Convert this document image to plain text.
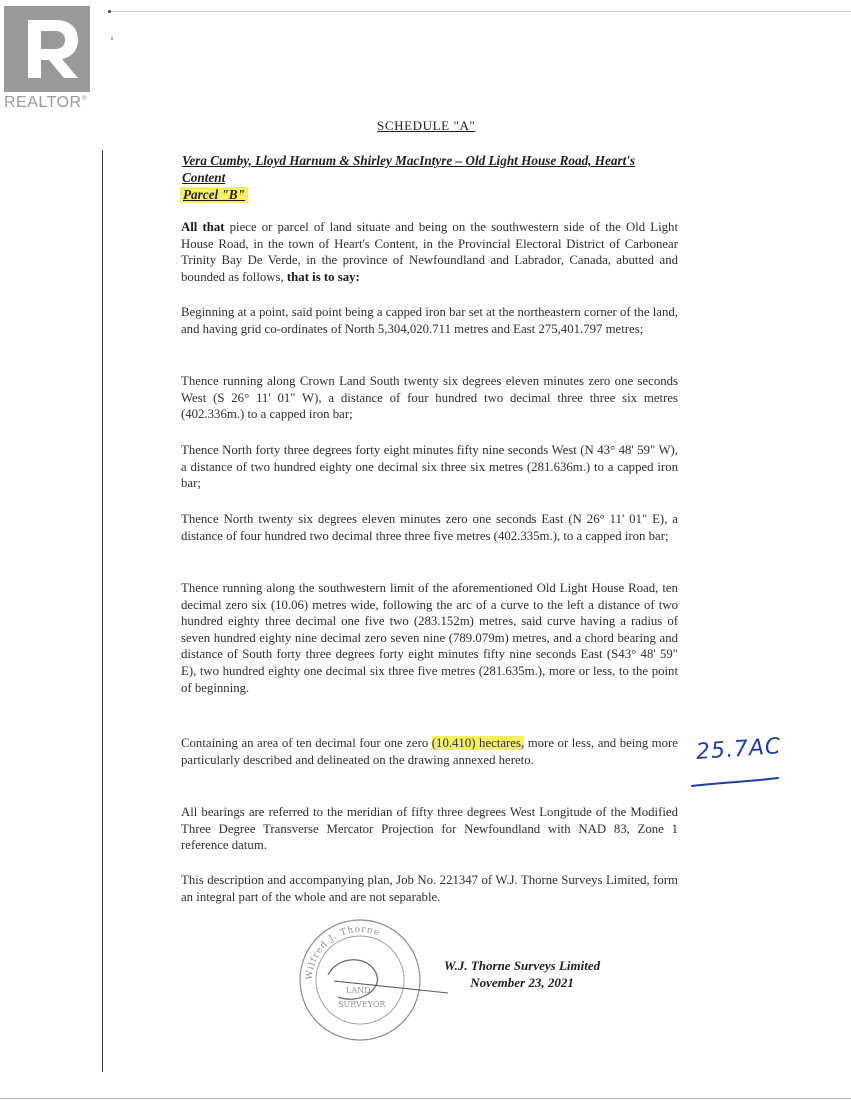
REALTOR®
SCHEDULE "A"
Vera Cumby, Lloyd Harnum & Shirley MacIntyre – Old Light House Road, Heart's
Content
Parcel "B"
All that piece or parcel of land situate and being on the southwestern side of the Old Light House Road, in the town of Heart's Content, in the Provincial Electoral District of Carbonear Trinity Bay De Verde, in the province of Newfoundland and Labrador, Canada, abutted and bounded as follows, that is to say:
Beginning at a point, said point being a capped iron bar set at the northeastern corner of the land, and having grid co-ordinates of North 5,304,020.711 metres and East 275,401.797 metres;
Thence running along Crown Land South twenty six degrees eleven minutes zero one seconds West (S 26° 11' 01" W), a distance of four hundred two decimal three three six metres (402.336m.) to a capped iron bar;
Thence North forty three degrees forty eight minutes fifty nine seconds West (N 43° 48' 59" W), a distance of two hundred eighty one decimal six three six metres (281.636m.) to a capped iron bar;
Thence North twenty six degrees eleven minutes zero one seconds East (N 26° 11' 01" E), a distance of four hundred two decimal three three five metres (402.335m.), to a capped iron bar;
Thence running along the southwestern limit of the aforementioned Old Light House Road, ten decimal zero six (10.06) metres wide, following the arc of a curve to the left a distance of two hundred eighty three decimal one five two (283.152m) metres, said curve having a radius of seven hundred eighty nine decimal zero seven nine (789.079m) metres, and a chord bearing and distance of South forty three degrees forty eight minutes fifty nine seconds East (S43° 48' 59" E), two hundred eighty one decimal six three five metres (281.635m.), more or less, to the point of beginning.
Containing an area of ten decimal four one zero (10.410) hectares, more or less, and being more particularly described and delineated on the drawing annexed hereto.
All bearings are referred to the meridian of fifty three degrees West Longitude of the Modified Three Degree Transverse Mercator Projection for Newfoundland with NAD 83, Zone 1 reference datum.
This description and accompanying plan, Job No. 221347 of W.J. Thorne Surveys Limited, form an integral part of the whole and are not separable.
25.7AC
Wilfred J. Thorne
LAND
SURVEYOR
W.J. Thorne Surveys Limited
November 23, 2021
